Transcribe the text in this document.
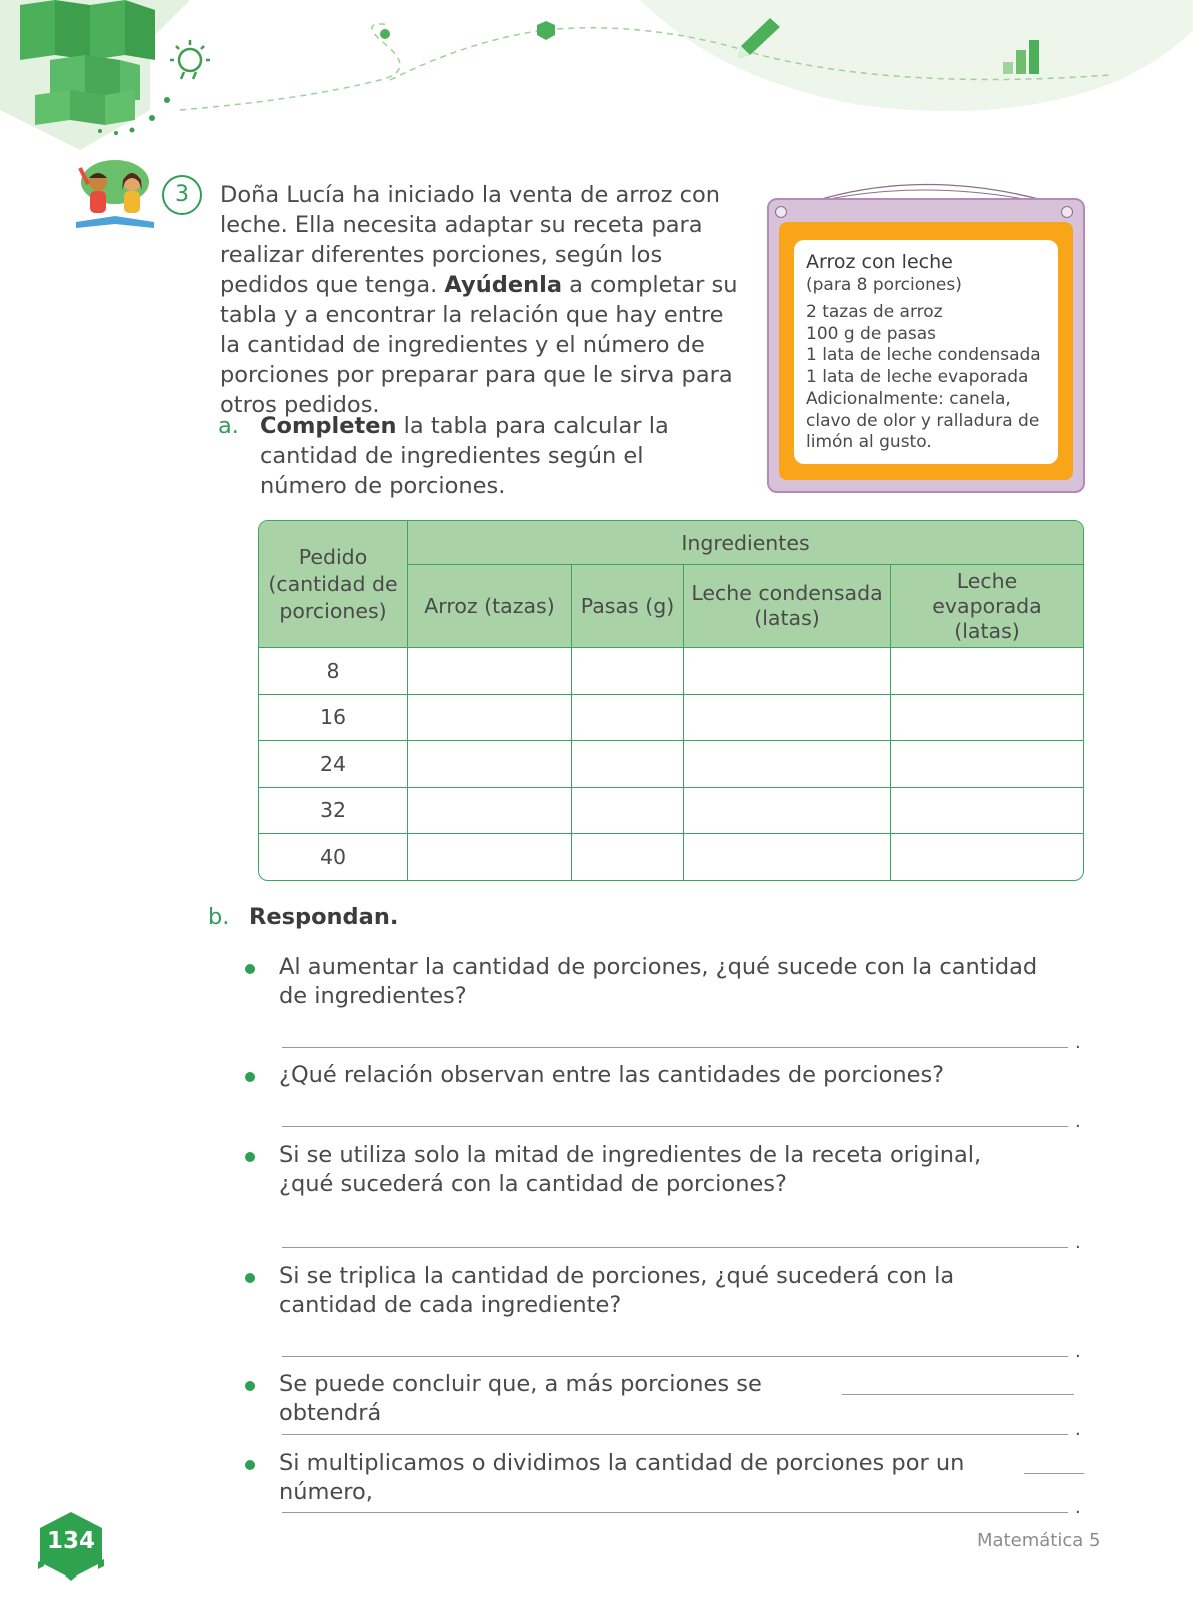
3	Doña Lucía ha iniciado la venta de arroz con leche. Ella necesita adaptar su receta para realizar diferentes porciones, según los pedidos que tenga. Ayúdenla a completar su tabla y a encontrar la relación que hay entre la cantidad de ingredientes y el número de porciones por preparar para que le sirva para otros pedidos.
Arroz con leche
(para 8 porciones)
2 tazas de arroz
100 g de pasas
1 lata de leche condensada
1 lata de leche evaporada
Adicionalmente: canela,
clavo de olor y ralladura de
limón al gusto.
a. Completen la tabla para calcular la cantidad de ingredientes según el número de porciones.
Pedido (cantidad de porciones)	Ingredientes			
	Arroz (tazas)	Pasas (g)	Leche condensada (latas)	Leche evaporada (latas)
8				
16				
24				
32				
40				
b. Respondan.
Al aumentar la cantidad de porciones, ¿qué sucede con la cantidad de ingredientes?
.
¿Qué relación observan entre las cantidades de porciones?
.
Si se utiliza solo la mitad de ingredientes de la receta original, ¿qué sucederá con la cantidad de porciones?
.
Si se triplica la cantidad de porciones, ¿qué sucederá con la cantidad de cada ingrediente?
.
Se puede concluir que, a más porciones se obtendrá
.
Si multiplicamos o dividimos la cantidad de porciones por un número,
.
134	Matemática 5
